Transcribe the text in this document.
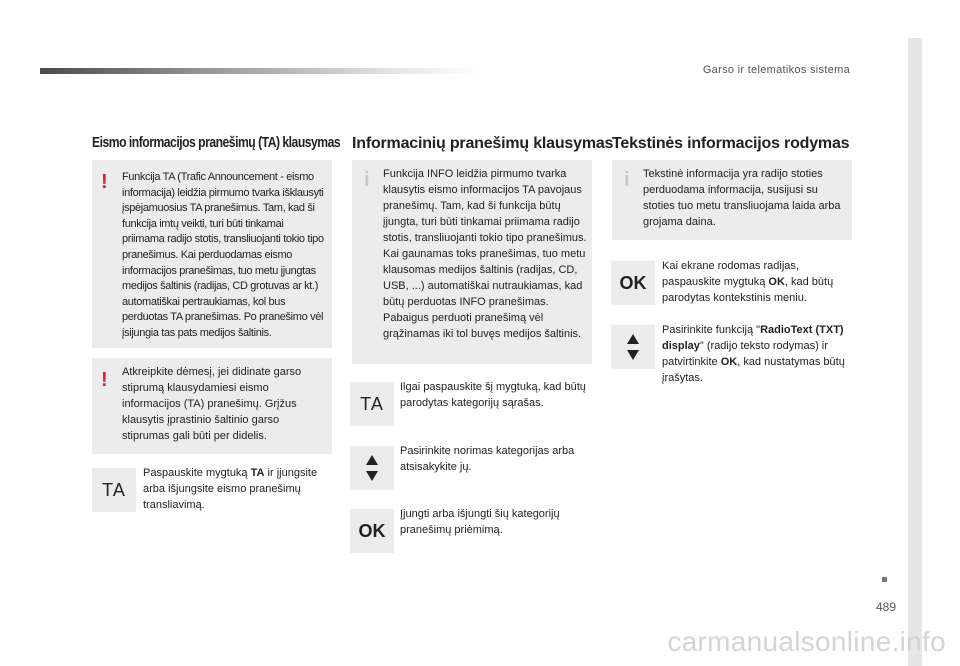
Garso ir telematikos sistema
489
Eismo informacijos pranešimų (TA) klausymas
! Funkcija TA (Trafic Announcement - eismo informacija) leidžia pirmumo tvarka išklausyti įspėjamuosius TA pranešimus. Tam, kad ši funkcija imtų veikti, turi būti tinkamai priimama radijo stotis, transliuojanti tokio tipo pranešimus. Kai perduodamas eismo informacijos pranešimas, tuo metu įjungtas medijos šaltinis (radijas, CD grotuvas ar kt.) automatiškai pertraukiamas, kol bus perduotas TA pranešimas. Po pranešimo vėl įsijungia tas pats medijos šaltinis.

! Atkreipkite dėmesį, jei didinate garso stiprumą klausydamiesi eismo informacijos (TA) pranešimų. Grįžus klausytis įprastinio šaltinio garso stiprumas gali būti per didelis.

TA
Paspauskite mygtuką TA ir įjungsite arba išjungsite eismo pranešimų transliavimą.
Informacinių pranešimų klausymas
i Funkcija INFO leidžia pirmumo tvarka klausytis eismo informacijos TA pavojaus pranešimų. Tam, kad ši funkcija būtų įjungta, turi būti tinkamai priimama radijo stotis, transliuojanti tokio tipo pranešimus. Kai gaunamas toks pranešimas, tuo metu klausomas medijos šaltinis (radijas, CD, USB, ...) automatiškai nutraukiamas, kad būtų perduotas INFO pranešimas. Pabaigus perduoti pranešimą vėl grąžinamas iki tol buvęs medijos šaltinis.

TA
Ilgai paspauskite šį mygtuką, kad būtų parodytas kategorijų sąrašas.
Pasirinkite norimas kategorijas arba atsisakykite jų.
OK
Įjungti arba išjungti šių kategorijų pranešimų priėmimą.
Tekstinės informacijos rodymas
i Tekstinė informacija yra radijo stoties perduodama informacija, susijusi su stoties tuo metu transliuojama laida arba grojama daina.

OK
Kai ekrane rodomas radijas, paspauskite mygtuką OK, kad būtų parodytas kontekstinis meniu.
Pasirinkite funkciją "RadioText (TXT) display" (radijo teksto rodymas) ir patvirtinkite OK, kad nustatymas būtų įrašytas.
carmanualsonline.info
